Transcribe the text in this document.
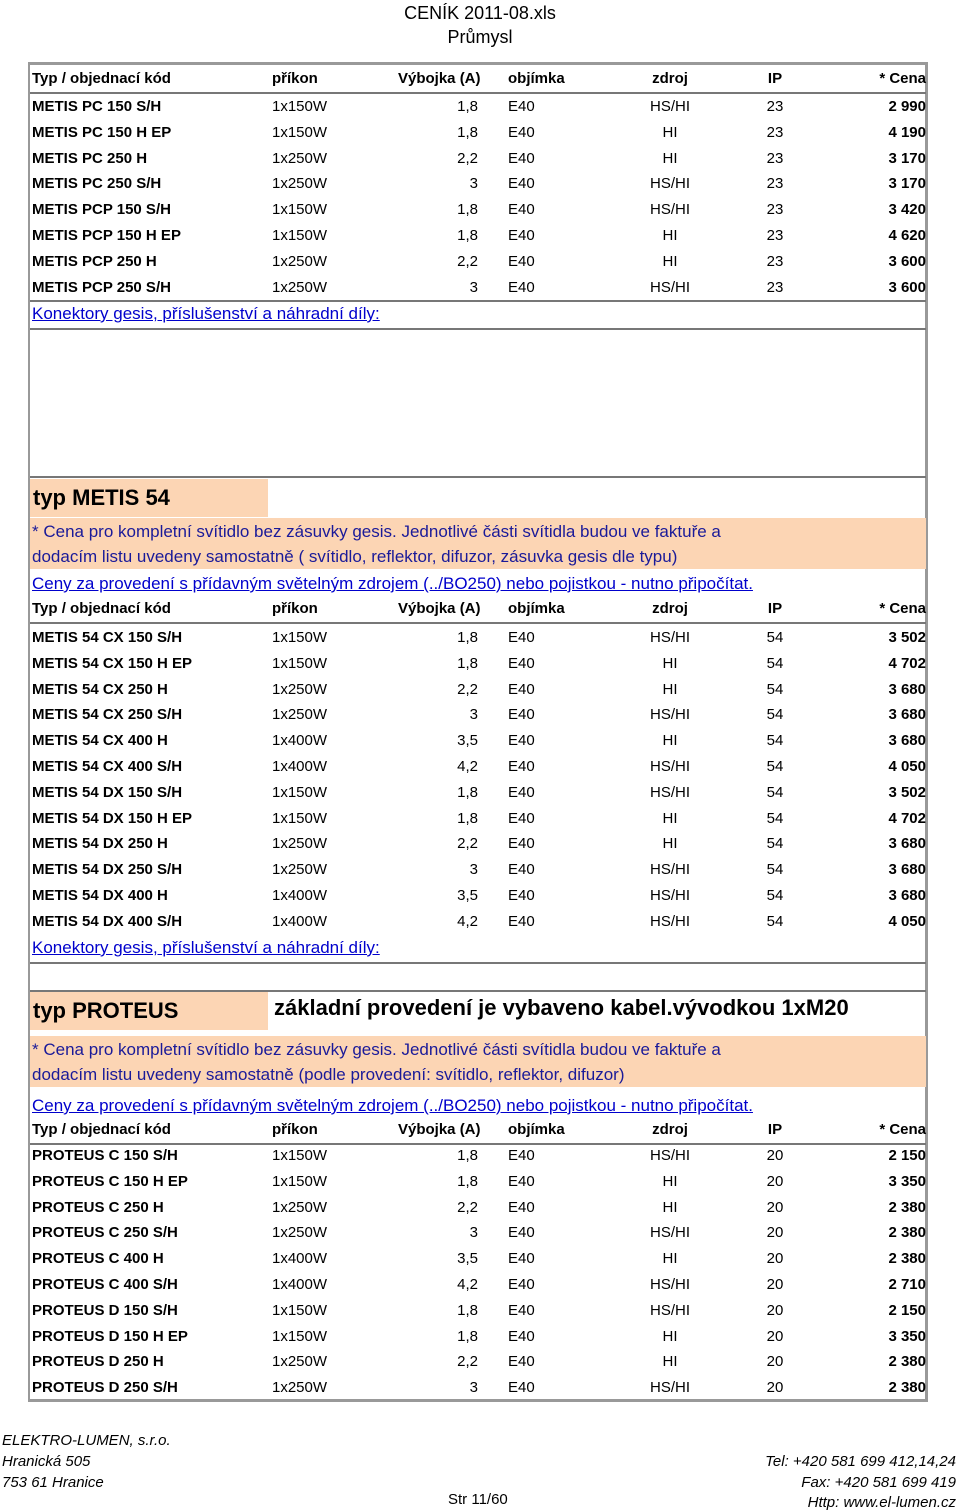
CENÍK 2011-08.xls
Průmysl
Typ / objednací kód	příkon	Výbojka (A) objímka	zdroj	IP	* Cena
METIS PC 150 S/H	1x150W	1,8 E40	HS/HI	23	2 990
METIS PC 150 H EP	1x150W	1,8 E40	HI	23	4 190
METIS PC 250 H	1x250W	2,2 E40	HI	23	3 170
METIS PC 250 S/H	1x250W	3 E40	HS/HI	23	3 170
METIS PCP 150 S/H	1x150W	1,8 E40	HS/HI	23	3 420
METIS PCP 150 H EP	1x150W	1,8 E40	HI	23	4 620
METIS PCP 250 H	1x250W	2,2 E40	HI	23	3 600
METIS PCP 250 S/H	1x250W	3 E40	HS/HI	23	3 600
Konektory gesis, příslušenství a náhradní díly:
typ METIS 54
* Cena pro kompletní svítidlo bez zásuvky gesis. Jednotlivé části svítidla budou ve faktuře a
dodacím listu uvedeny samostatně ( svítidlo, reflektor, difuzor, zásuvka gesis dle typu)
Ceny za provedení s přídavným světelným zdrojem (../BO250) nebo pojistkou - nutno připočítat.
Typ / objednací kód	příkon	Výbojka (A) objímka	zdroj	IP	* Cena
METIS 54 CX 150 S/H	1x150W	1,8 E40	HS/HI	54	3 502
METIS 54 CX 150 H EP	1x150W	1,8 E40	HI	54	4 702
METIS 54 CX 250 H	1x250W	2,2 E40	HI	54	3 680
METIS 54 CX 250 S/H	1x250W	3 E40	HS/HI	54	3 680
METIS 54 CX 400 H	1x400W	3,5 E40	HI	54	3 680
METIS 54 CX 400 S/H	1x400W	4,2 E40	HS/HI	54	4 050
METIS 54 DX 150 S/H	1x150W	1,8 E40	HS/HI	54	3 502
METIS 54 DX 150 H EP	1x150W	1,8 E40	HI	54	4 702
METIS 54 DX 250 H	1x250W	2,2 E40	HI	54	3 680
METIS 54 DX 250 S/H	1x250W	3 E40	HS/HI	54	3 680
METIS 54 DX 400 H	1x400W	3,5 E40	HS/HI	54	3 680
METIS 54 DX 400 S/H	1x400W	4,2 E40	HS/HI	54	4 050
Konektory gesis, příslušenství a náhradní díly:
typ PROTEUS	základní provedení je vybaveno kabel.vývodkou 1xM20
* Cena pro kompletní svítidlo bez zásuvky gesis. Jednotlivé části svítidla budou ve faktuře a
dodacím listu uvedeny samostatně (podle provedení: svítidlo, reflektor, difuzor)
Ceny za provedení s přídavným světelným zdrojem (../BO250) nebo pojistkou - nutno připočítat.
Typ / objednací kód	příkon	Výbojka (A) objímka	zdroj	IP	* Cena
PROTEUS C 150 S/H	1x150W	1,8 E40	HS/HI	20	2 150
PROTEUS C 150 H EP	1x150W	1,8 E40	HI	20	3 350
PROTEUS C 250 H	1x250W	2,2 E40	HI	20	2 380
PROTEUS C 250 S/H	1x250W	3 E40	HS/HI	20	2 380
PROTEUS C 400 H	1x400W	3,5 E40	HI	20	2 380
PROTEUS C 400 S/H	1x400W	4,2 E40	HS/HI	20	2 710
PROTEUS D 150 S/H	1x150W	1,8 E40	HS/HI	20	2 150
PROTEUS D 150 H EP	1x150W	1,8 E40	HI	20	3 350
PROTEUS D 250 H	1x250W	2,2 E40	HI	20	2 380
PROTEUS D 250 S/H	1x250W	3 E40	HS/HI	20	2 380
ELEKTRO-LUMEN, s.r.o.
Hranická 505
753 61 Hranice
Str 11/60
Tel: +420 581 699 412,14,24
Fax: +420 581 699 419
Http: www.el-lumen.cz
